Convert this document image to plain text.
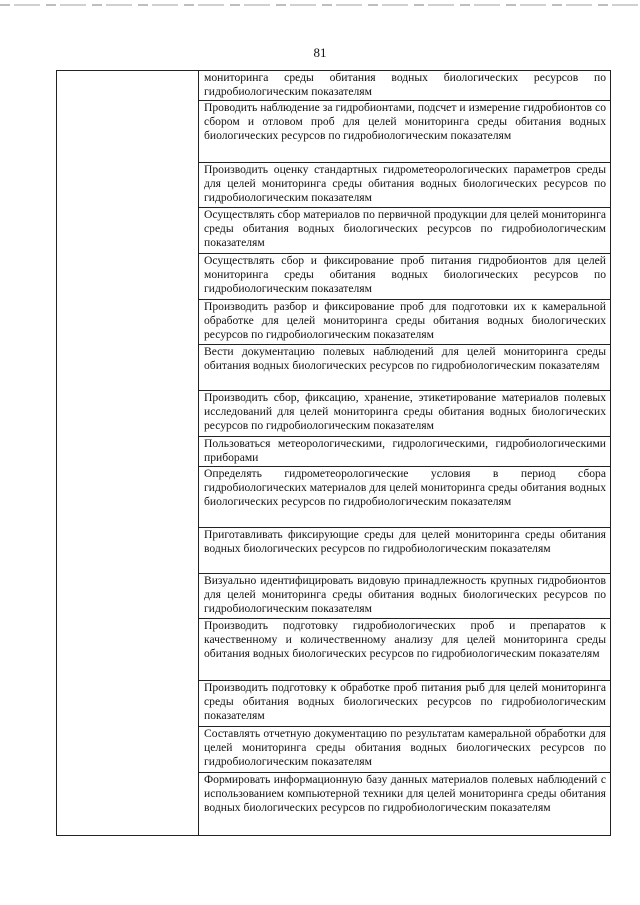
81

мониторинга среды обитания водных биологических ресурсов по гидробиологическим показателям
Проводить наблюдение за гидробионтами, подсчет и измерение гидробионтов со сбором и отловом проб для целей мониторинга среды обитания водных биологических ресурсов по гидробиологическим показателям
Производить оценку стандартных гидрометеорологических параметров среды для целей мониторинга среды обитания водных биологических ресурсов по гидробиологическим показателям
Осуществлять сбор материалов по первичной продукции для целей мониторинга среды обитания водных биологических ресурсов по гидробиологическим показателям
Осуществлять сбор и фиксирование проб питания гидробионтов для целей мониторинга среды обитания водных биологических ресурсов по гидробиологическим показателям
Производить разбор и фиксирование проб для подготовки их к камеральной обработке для целей мониторинга среды обитания водных биологических ресурсов по гидробиологическим показателям
Вести документацию полевых наблюдений для целей мониторинга среды обитания водных биологических ресурсов по гидробиологическим показателям
Производить сбор, фиксацию, хранение, этикетирование материалов полевых исследований для целей мониторинга среды обитания водных биологических ресурсов по гидробиологическим показателям
Пользоваться метеорологическими, гидрологическими, гидробиологическими приборами
Определять гидрометеорологические условия в период сбора гидробиологических материалов для целей мониторинга среды обитания водных биологических ресурсов по гидробиологическим показателям
Приготавливать фиксирующие среды для целей мониторинга среды обитания водных биологических ресурсов по гидробиологическим показателям
Визуально идентифицировать видовую принадлежность крупных гидробионтов для целей мониторинга среды обитания водных биологических ресурсов по гидробиологическим показателям
Производить подготовку гидробиологических проб и препаратов к качественному и количественному анализу для целей мониторинга среды обитания водных биологических ресурсов по гидробиологическим показателям
Производить подготовку к обработке проб питания рыб для целей мониторинга среды обитания водных биологических ресурсов по гидробиологическим показателям
Составлять отчетную документацию по результатам камеральной обработки для целей мониторинга среды обитания водных биологических ресурсов по гидробиологическим показателям
Формировать информационную базу данных материалов полевых наблюдений с использованием компьютерной техники для целей мониторинга среды обитания водных биологических ресурсов по гидробиологическим показателям
